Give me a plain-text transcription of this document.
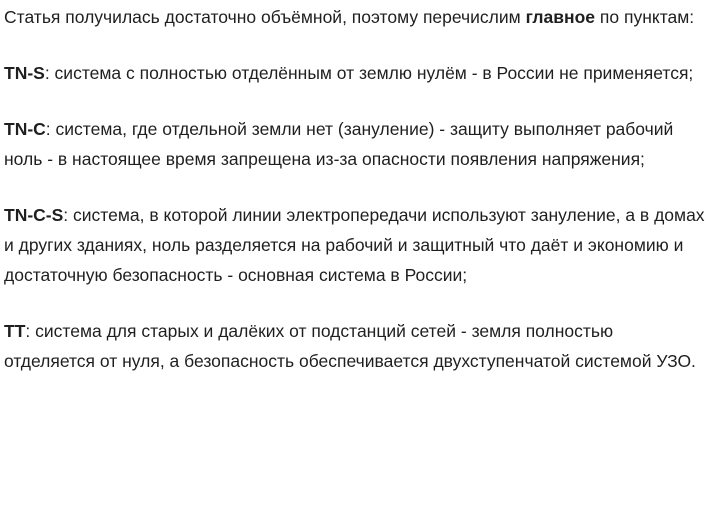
Статья получилась достаточно объёмной, поэтому перечислим главное по пунктам:

TN-S: система с полностью отделённым от землю нулём - в России не применяется;

TN-C: система, где отдельной земли нет (зануление) - защиту выполняет рабочий ноль - в настоящее время запрещена из-за опасности появления напряжения;

TN-C-S: система, в которой линии электропередачи используют зануление, а в домах и других зданиях, ноль разделяется на рабочий и защитный что даёт и экономию и достаточную безопасность - основная система в России;

TT: система для старых и далёких от подстанций сетей - земля полностью отделяется от нуля, а безопасность обеспечивается двухступенчатой системой УЗО.
